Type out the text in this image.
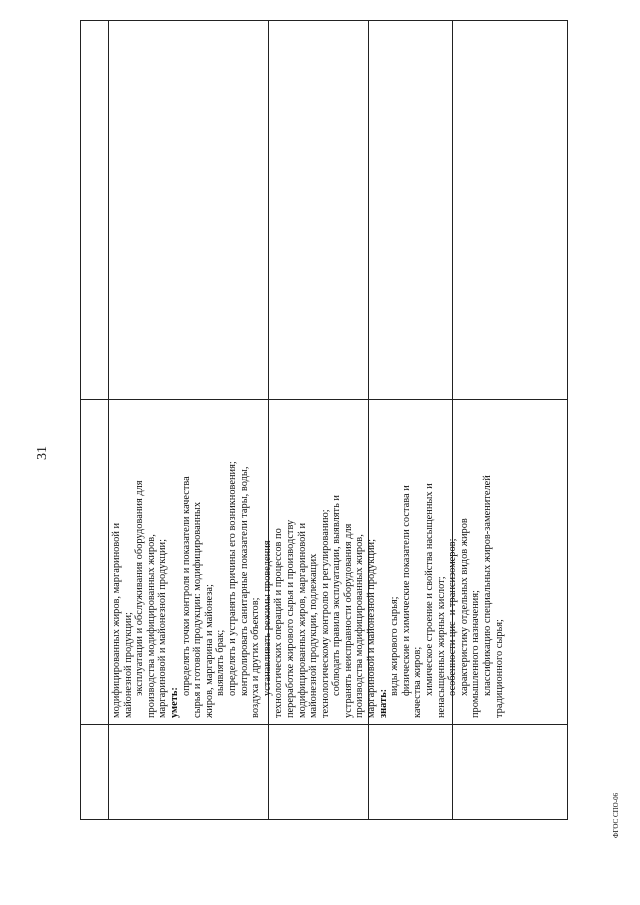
31
модифицированных жиров, маргариновой и майонезной продукции; эксплуатации и обслуживания оборудования для производства модифицированных жиров, маргариновой и майонезной продукции; уметь:
определять точки контроля и показатели качества сырья и готовой продукции: модифицированных жиров, маргарина и майонеза; выявлять брак; определять и устранять причины его возникновения; контролировать санитарные показатели тары, воды, воздуха и других объектов; устанавливать режимы проведения технологических операций и процессов по переработке жирового сырья и производству модифицированных жиров, маргариновой и майонезной продукции, подлежащих технологическому контролю и регулированию; соблюдать правила эксплуатации, выявлять и устранять неисправности оборудования для производства модифицированных жиров, маргариновой и майонезной продукции; знать:
виды жирового сырья; физические и химические показатели состава и качества жиров; химическое строение и свойства насыщенных и ненасыщенных жирных кислот; особенности цис- и трансизомеров; характеристику отдельных видов жиров промышленного назначения; классификацию специальных жиров-заменителей традиционного сырья;
ФГОС СПО-06
